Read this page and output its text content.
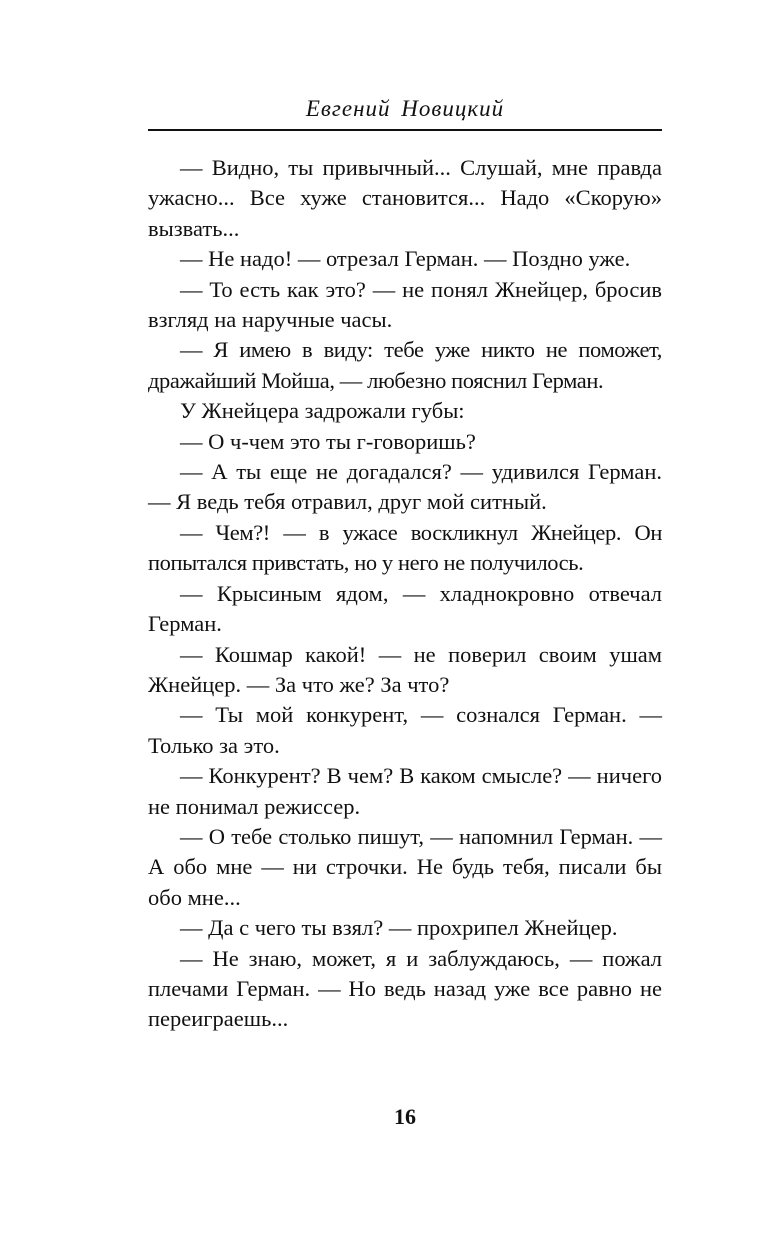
Евгений Новицкий

— Видно, ты привычный... Слушай, мне правда ужасно... Все хуже становится... Надо «Скорую» вызвать...

— Не надо! — отрезал Герман. — Поздно уже.

— То есть как это? — не понял Жнейцер, бросив взгляд на наручные часы.

— Я имею в виду: тебе уже никто не поможет, дражайший Мойша, — любезно пояснил Герман.

У Жнейцера задрожали губы:

— О ч-чем это ты г-говоришь?

— А ты еще не догадался? — удивился Герман. — Я ведь тебя отравил, друг мой ситный.

— Чем?! — в ужасе воскликнул Жнейцер. Он попытался привстать, но у него не получилось.

— Крысиным ядом, — хладнокровно отвечал Герман.

— Кошмар какой! — не поверил своим ушам Жнейцер. — За что же? За что?

— Ты мой конкурент, — сознался Герман. — Только за это.

— Конкурент? В чем? В каком смысле? — ничего не понимал режиссер.

— О тебе столько пишут, — напомнил Герман. — А обо мне — ни строчки. Не будь тебя, писали бы обо мне...

— Да с чего ты взял? — прохрипел Жнейцер.

— Не знаю, может, я и заблуждаюсь, — пожал плечами Герман. — Но ведь назад уже все равно не переиграешь...

16
